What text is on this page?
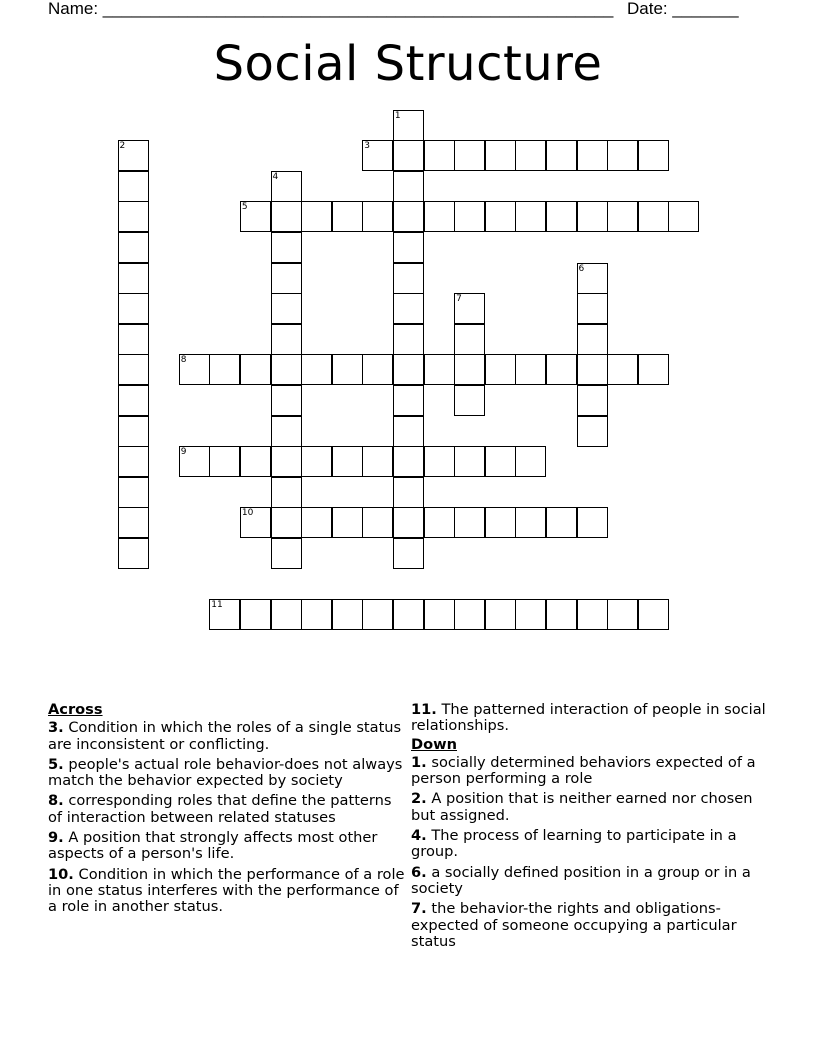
Name: ______________________________________________________ Date: _______
Social Structure
1
2	3
4
5
6
7
8
9
10
11
Across
3. Condition in which the roles of a single status are inconsistent or conflicting.
5. people's actual role behavior-does not always match the behavior expected by society
8. corresponding roles that define the patterns of interaction between related statuses
9. A position that strongly affects most other aspects of a person's life.
10. Condition in which the performance of a role in one status interferes with the performance of a role in another status.
11. The patterned interaction of people in social relationships.
Down
1. socially determined behaviors expected of a person performing a role
2. A position that is neither earned nor chosen but assigned.
4. The process of learning to participate in a group.
6. a socially defined position in a group or in a society
7. the behavior-the rights and obligations-expected of someone occupying a particular status
